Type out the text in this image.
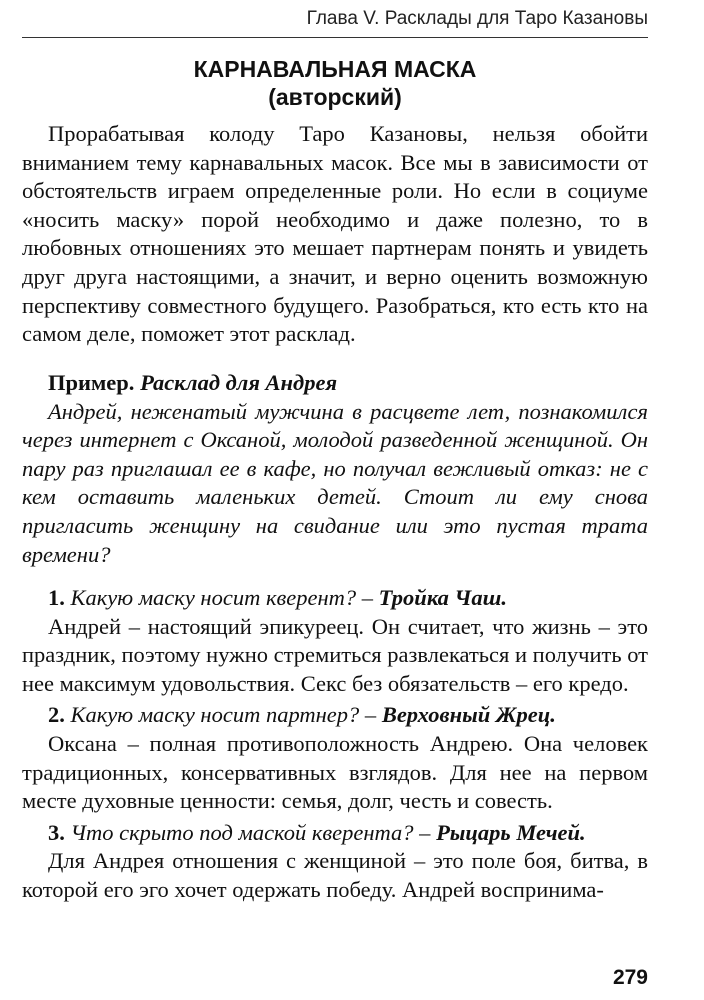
Глава V. Расклады для Таро Казановы
КАРНАВАЛЬНАЯ МАСКА
(авторский)

Прорабатывая колоду Таро Казановы, нельзя обойти вниманием тему карнавальных масок. Все мы в зависимости от обстоятельств играем определенные роли. Но если в социуме «носить маску» порой необходимо и даже полезно, то в любовных отношениях это мешает партнерам понять и увидеть друг друга настоящими, а значит, и верно оценить возможную перспективу совместного будущего. Разобраться, кто есть кто на самом деле, поможет этот расклад.

Пример. Расклад для Андрея

Андрей, неженатый мужчина в расцвете лет, познакомился через интернет с Оксаной, молодой разведенной женщиной. Он пару раз приглашал ее в кафе, но получал вежливый отказ: не с кем оставить маленьких детей. Стоит ли ему снова пригласить женщину на свидание или это пустая трата времени?

1. Какую маску носит кверент? – Тройка Чаш.

Андрей – настоящий эпикуреец. Он считает, что жизнь – это праздник, поэтому нужно стремиться развлекаться и получить от нее максимум удовольствия. Секс без обязательств – его кредо.

2. Какую маску носит партнер? – Верховный Жрец.

Оксана – полная противоположность Андрею. Она человек традиционных, консервативных взглядов. Для нее на первом месте духовные ценности: семья, долг, честь и совесть.

3. Что скрыто под маской кверента? – Рыцарь Мечей.

Для Андрея отношения с женщиной – это поле боя, битва, в которой его эго хочет одержать победу. Андрей воспринима-

279
